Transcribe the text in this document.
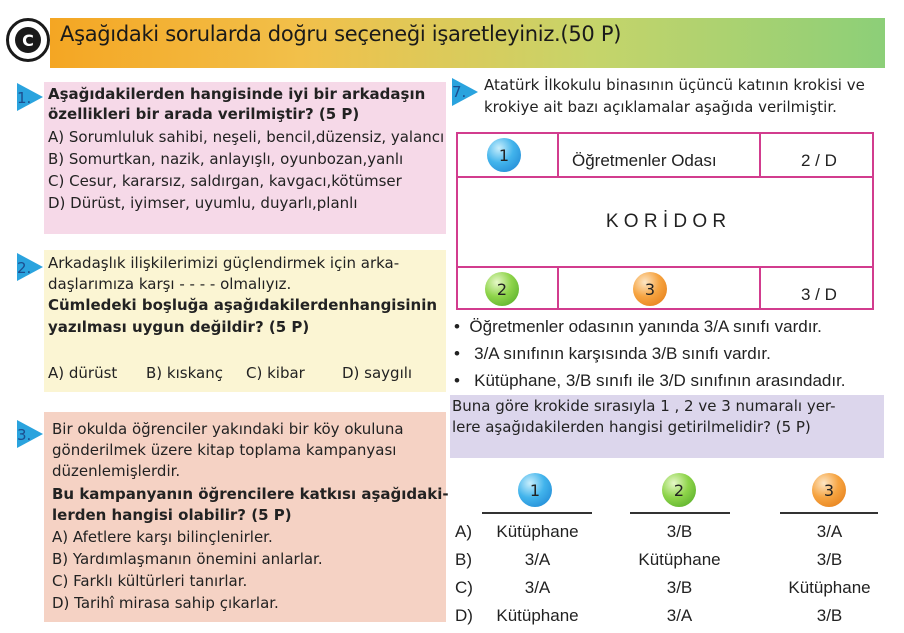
C	Aşağıdaki sorularda doğru seçeneği işaretleyiniz.(50 P)
1. Aşağıdakilerden hangisinde iyi bir arkadaşın
özellikleri bir arada verilmiştir? (5 P)
A) Sorumluluk sahibi, neşeli, bencil,düzensiz, yalancı
B) Somurtkan, nazik, anlayışlı, oyunbozan,yanlı
C) Cesur, kararsız, saldırgan, kavgacı,kötümser
D) Dürüst, iyimser, uyumlu, duyarlı,planlı
2. Arkadaşlık ilişkilerimizi güçlendirmek için arka-
daşlarımıza karşı - - - - olmalıyız.
Cümledeki boşluğa aşağıdakilerdenhangisinin
yazılması uygun değildir? (5 P)
A) dürüst B) kıskanç C) kibar D) saygılı
3. Bir okulda öğrenciler yakındaki bir köy okuluna
gönderilmek üzere kitap toplama kampanyası
düzenlemişlerdir.
Bu kampanyanın öğrencilere katkısı aşağıdaki-
lerden hangisi olabilir? (5 P)
A) Afetlere karşı bilinçlenirler.
B) Yardımlaşmanın önemini anlarlar.
C) Farklı kültürleri tanırlar.
D) Tarihî mirasa sahip çıkarlar.
7. Atatürk İlkokulu binasının üçüncü katının krokisi ve
krokiye ait bazı açıklamalar aşağıda verilmiştir.
1	Öğretmenler Odası	2 / D
K O R İ D O R
2	3	3 / D
•  Öğretmenler odasının yanında 3/A sınıfı vardır.
•   3/A sınıfının karşısında 3/B sınıfı vardır.
•   Kütüphane, 3/B sınıfı ile 3/D sınıfının arasındadır.
Buna göre krokide sırasıyla 1 , 2 ve 3 numaralı yer-
lere aşağıdakilerden hangisi getirilmelidir? (5 P)
1	2	3
A)	Kütüphane	3/B	3/A
B)	3/A	Kütüphane	3/B
C)	3/A	3/B	Kütüphane
D)	Kütüphane	3/A	3/B
